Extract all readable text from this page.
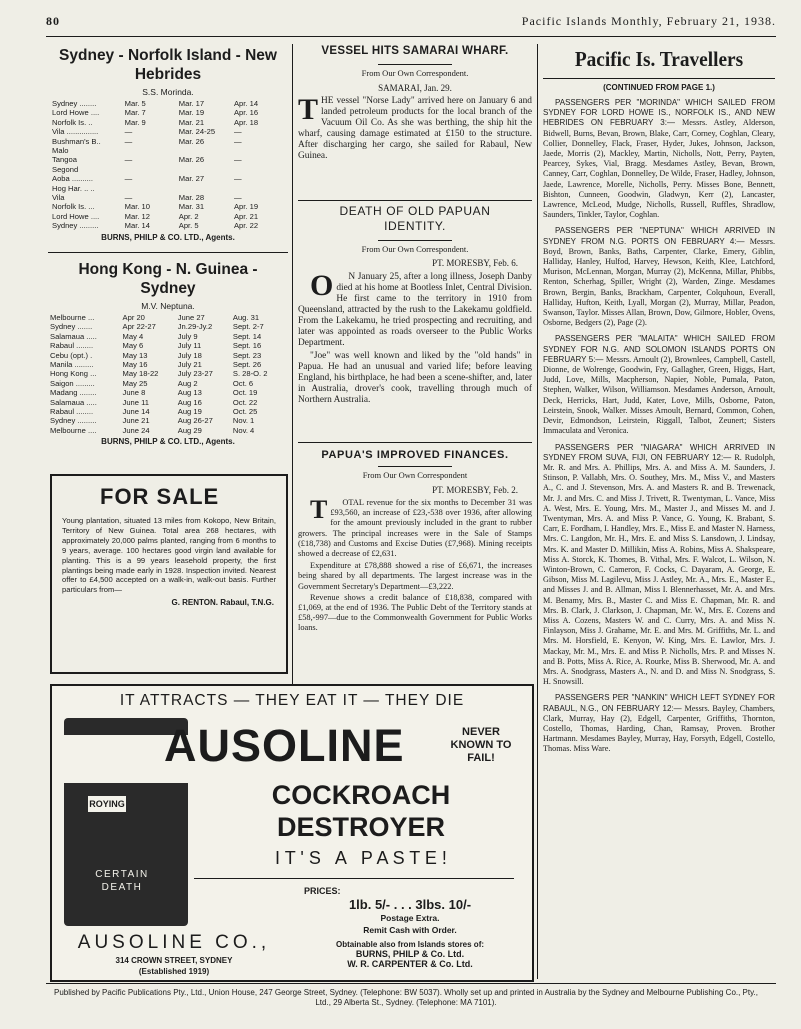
80	Pacific Islands Monthly, February 21, 1938.
Sydney - Norfolk Island - New Hebrides
S.S. Morinda.
Sydney ........	Mar. 5	Mar. 17	Apr. 14
Lord Howe ....	Mar. 7	Mar. 19	Apr. 16
Norfolk Is. ..	Mar. 9	Mar. 21	Apr. 18
Vila ...............	—	Mar. 24-25	—
Bushman's B..	—	Mar. 26	—
Malo			
Tangoa	—	Mar. 26	—
Segond			
Aoba ..........	—	Mar. 27	—
Hog Har. .. ..			
Vila	—	Mar. 28	—
Norfolk Is. ...	Mar. 10	Mar. 31	Apr. 19
Lord Howe ....	Mar. 12	Apr. 2	Apr. 21
Sydney .........	Mar. 14	Apr. 5	Apr. 22
BURNS, PHILP & CO. LTD., Agents.
Hong Kong - N. Guinea - Sydney
M.V. Neptuna.
Melbourne ...	Apr 20	June 27	Aug. 31
Sydney .......	Apr 22-27	Jn.29-Jy.2	Sept. 2-7
Salamaua .....	May 4	July 9	Sept. 14
Rabaul ........	May 6	July 11	Sept. 16
Cebu (opt.) .	May 13	July 18	Sept. 23
Manila .........	May 16	July 21	Sept. 26
Hong Kong ...	May 18-22	July 23-27	S. 28-O. 2
Saigon .........	May 25	Aug 2	Oct. 6
Madang ........	June 8	Aug 13	Oct. 19
Salamaua .....	June 11	Aug 16	Oct. 22
Rabaul ........	June 14	Aug 19	Oct. 25
Sydney .........	June 21	Aug 26-27	Nov. 1
Melbourne ....	June 24	Aug 29	Nov. 4
BURNS, PHILP & CO. LTD., Agents.
FOR SALE
Young plantation, situated 13 miles from Kokopo, New Britain, Territory of New Guinea. Total area 268 hectares, with approximately 20,000 palms planted, ranging from 6 months to 9 years, average. 100 hectares good virgin land available for planting. This is a 99 years leasehold property, the first plantings being made early in 1928. Inspection invited. Nearest offer to £4,500 accepted on a walk-in, walk-out basis. Further particulars from—
G. RENTON. Rabaul, T.N.G.
VESSEL HITS SAMARAI WHARF.
From Our Own Correspondent.
SAMARAI, Jan. 29.
THE vessel "Norse Lady" arrived here on January 6 and landed petroleum products for the local branch of the Vacuum Oil Co. As she was berthing, the ship hit the wharf, causing damage estimated at £150 to the structure. After discharging her cargo, she sailed for Rabaul, New Guinea.
DEATH OF OLD PAPUAN IDENTITY.
From Our Own Correspondent.
PT. MORESBY, Feb. 6.

O N January 25, after a long illness, Joseph Danby died at his home at Bootless Inlet, Central Division. He first came to the territory in 1910 from Queensland, attracted by the rush to the Lakekamu goldfield. From the Lakekamu, he tried prospecting and recruiting, and later was appointed as roads overseer to the Public Works Department.

"Joe" was well known and liked by the "old hands" in Papua. He had an unusual and varied life; before leaving England, his birthplace, he had been a scene-shifter, and, later in Australia, drover's cook, travelling through much of Northern Australia.

PAPUA'S IMPROVED FINANCES.
From Our Own Correspondent
PT. MORESBY, Feb. 2.

T OTAL revenue for the six months to December 31 was £93,560, an increase of £23,-538 over 1936, after allowing for the amount previously included in the grant to rubber growers. The principal increases were in the Sale of Stamps (£18,738) and Customs and Excise Duties (£7,968). Mining receipts showed a decrease of £2,631.

Expenditure at £78,888 showed a rise of £6,671, the increases being shared by all departments. The largest increase was in the Government Secretary's Department—£3,222.

Revenue shows a credit balance of £18,838, compared with £1,069, at the end of 1936. The Public Debt of the Territory stands at £58,-997—due to the Commonwealth Government for Public Works loans.

IT ATTRACTS — THEY EAT IT — THEY DIE
ROYING
CERTAIN DEATH
AUSOLINE	NEVER KNOWN TO FAIL!
COCKROACH
DESTROYER
I T ' S   A   P A S T E !
AUSOLINE CO.,
314 CROWN STREET, SYDNEY
(Established 1919)
PRICES:
1lb. 5/- . . . 3lbs. 10/-
Postage Extra.
Remit Cash with Order.
Obtainable also from Islands stores of:
BURNS, PHILP & Co. Ltd.
W. R. CARPENTER & Co. Ltd.
Pacific Is. Travellers
(CONTINUED FROM PAGE 1.)
PASSENGERS PER "MORINDA" WHICH SAILED FROM SYDNEY FOR LORD HOWE IS., NORFOLK IS., AND NEW HEBRIDES ON FEBRUARY 3:— Messrs. Astley, Alderson, Bidwell, Burns, Bevan, Brown, Blake, Carr, Corney, Coghlan, Cleary, Collier, Donnelley, Flack, Fraser, Hyder, Jukes, Johnson, Jackson, Jaede, Morris (2), Mackley, Martin, Nicholls, Nott, Perry, Payten, Pearcey, Sykes, Vial, Bragg. Mesdames Astley, Bevan, Brown, Canney, Carr, Coghlan, Donnelley, De Wilde, Fraser, Hadley, Johnson, Jaede, Lawrence, Morelle, Nicholls, Perry. Misses Bone, Bennett, Bishton, Cunneen, Goodwin, Gladwyn, Kerr (2), Lancaster, Lawrence, McLeod, Mudge, Nicholls, Russell, Ruffles, Shradlow, Saunders, Tinkler, Taylor, Coghlan.
PASSENGERS PER "NEPTUNA" WHICH ARRIVED IN SYDNEY FROM N.G. PORTS ON FEBRUARY 4:— Messrs. Boyd, Brown, Banks, Baths, Carpenter, Clarke, Emery, Giblin, Halliday, Hanley, Hulfod, Harvey, Hewson, Keith, Klee, Latchford, Murison, McLennan, Morgan, Murray (2), McKenna, Millar, Phibbs, Renton, Scherhag, Spiller, Wright (2), Warden, Zinge. Mesdames Brown, Bergin, Banks, Brackham, Carpenter, Colquhoun, Everall, Halliday, Hufton, Keith, Lyall, Morgan (2), Murray, Millar, Peadon, Swanson, Taylor. Misses Allan, Brown, Dow, Gilmore, Hobler, Ovens, Osborne, Bedgers (2), Page (2).
PASSENGERS PER "MALAITA" WHICH SAILED FROM SYDNEY FOR N.G. AND SOLOMON ISLANDS PORTS ON FEBRUARY 5:— Messrs. Arnoult (2), Brownlees, Campbell, Castell, Dionne, de Wolrenge, Goodwin, Fry, Gallagher, Green, Higgs, Hart, Judd, Love, Mills, Macpherson, Napier, Noble, Pumala, Paton, Stephen, Walker, Wilson, Williamson. Mesdames Anderson, Arnoult, Deck, Herricks, Hart, Judd, Kater, Love, Mills, Osborne, Paton, Leirstein, Snook, Walker. Misses Arnoult, Bernard, Common, Cohen, Devir, Edmondson, Leirstein, Riggall, Talbot, Zeunert; Sisters Immaculata and Veronica.
PASSENGERS PER "NIAGARA" WHICH ARRIVED IN SYDNEY FROM SUVA, FIJI, ON FEBRUARY 12:— R. Rudolph, Mr. R. and Mrs. A. Phillips, Mrs. A. and Miss A. M. Saunders, J. Stinson, P. Vallabh, Mrs. O. Southey, Mrs. M., Miss V., and Masters A., C. and J. Stevenson, Mrs. A. and Masters R. and B. Trewenack, Mr. J. and Mrs. C. and Miss J. Trivett, R. Twentyman, L. Vance, Miss A. West, Mrs. E. Young, Mrs. M., Master J., and Misses M. and J. Twentyman, Mrs. A. and Miss P. Vance, G. Young, K. Brabant, S. Carr, E. Fordham, I. Handley, Mrs. E., Miss E. and Master N. Harness, Mrs. C. Langdon, Mr. H., Mrs. E. and Miss S. Lansdown, J. Lindsay, Mrs. K. and Master D. Millikin, Miss A. Robins, Miss A. Shakspeare, Miss A. Storck, K. Thomes, B. Vithal, Mrs. F. Walcot, L. Wilson, N. Winton-Brown, C. Cameron, F. Cocks, C. Dayaram, A. George, E. Gibson, Miss M. Lagilevu, Miss J. Astley, Mr. A., Mrs. E., Master E., and Misses J. and B. Allman, Miss I. Blennerhasset, Mr. A. and Mrs. M. Benamy, Mrs. B., Master C. and Miss E. Chapman, Mr. R. and Mrs. B. Clark, J. Clarkson, J. Chapman, Mr. W., Mrs. E. Cozens and Miss A. Cozens, Masters W. and C. Curry, Mrs. A. and Miss N. Finlayson, Miss J. Grahame, Mr. E. and Mrs. M. Griffiths, Mr. L. and Mrs. M. Horsfield, E. Kenyon, W. King, Mrs. E. Lawlor, Mrs. J. Mackay, Mr. M., Mrs. E. and Miss P. Nicholls, Mrs. P. and Misses N. and B. Potts, Miss A. Rice, A. Rourke, Miss B. Sherwood, Mr. A. and Mrs. A. Snodgrass, Masters A., N. and D. and Miss N. Snodgrass, S. H. Snowsill.
PASSENGERS PER "NANKIN" WHICH LEFT SYDNEY FOR RABAUL, N.G., ON FEBRUARY 12:— Messrs. Bayley, Chambers, Clark, Murray, Hay (2), Edgell, Carpenter, Griffiths, Thornton, Costello, Thomas, Harding, Chan, Ramsay, Proven. Brother Hartmann. Mesdames Bayley, Murray, Hay, Forsyth, Edgell, Costello, Thomas. Miss Ware.
Published by Pacific Publications Pty., Ltd., Union House, 247 George Street, Sydney. (Telephone: BW 5037). Wholly set up and printed in Australia by the Sydney and Melbourne Publishing Co., Pty., Ltd., 29 Alberta St., Sydney. (Telephone: MA 7101).
